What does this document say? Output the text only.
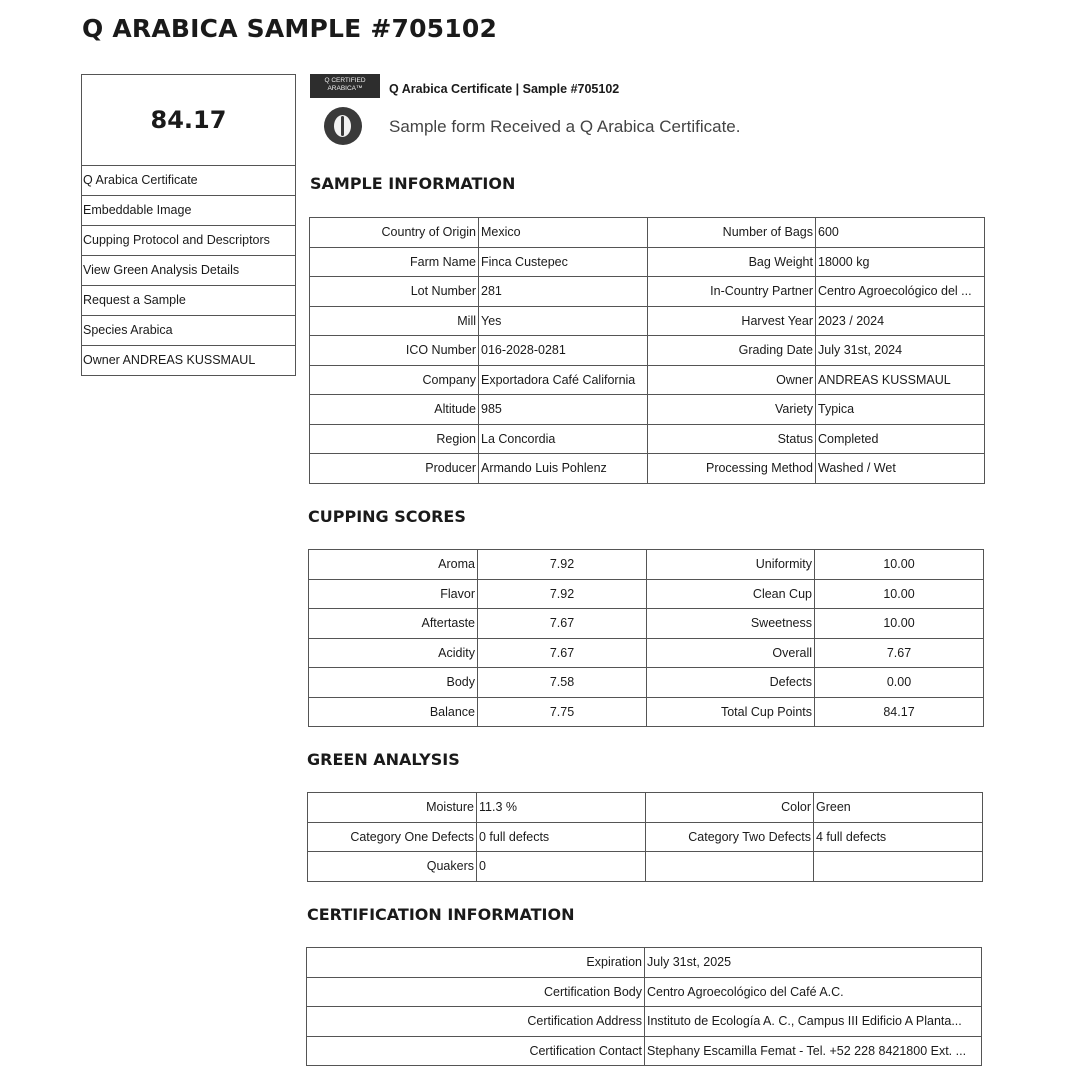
Q ARABICA SAMPLE #705102
84.17
Q Arabica Certificate
Embeddable Image
Cupping Protocol and Descriptors
View Green Analysis Details
Request a Sample
Species Arabica
Owner ANDREAS KUSSMAUL
Q CERTIFIED
ARABICA™	Q Arabica Certificate | Sample #705102
Sample form Received a Q Arabica Certificate.
SAMPLE INFORMATION
Country of Origin	Mexico	Number of Bags	600
Farm Name	Finca Custepec	Bag Weight	18000 kg
Lot Number	281	In-Country Partner	Centro Agroecológico del ...
Mill	Yes	Harvest Year	2023 / 2024
ICO Number	016-2028-0281	Grading Date	July 31st, 2024
Company	Exportadora Café California	Owner	ANDREAS KUSSMAUL
Altitude	985	Variety	Typica
Region	La Concordia	Status	Completed
Producer	Armando Luis Pohlenz	Processing Method	Washed / Wet
CUPPING SCORES
Aroma	7.92	Uniformity	10.00
Flavor	7.92	Clean Cup	10.00
Aftertaste	7.67	Sweetness	10.00
Acidity	7.67	Overall	7.67
Body	7.58	Defects	0.00
Balance	7.75	Total Cup Points	84.17
GREEN ANALYSIS
Moisture	11.3 %	Color	Green
Category One Defects	0 full defects	Category Two Defects	4 full defects
Quakers	0		
CERTIFICATION INFORMATION
Expiration	July 31st, 2025
Certification Body	Centro Agroecológico del Café A.C.
Certification Address	Instituto de Ecología A. C., Campus III Edificio A Planta...
Certification Contact	Stephany Escamilla Femat - Tel. +52 228 8421800 Ext. ...
